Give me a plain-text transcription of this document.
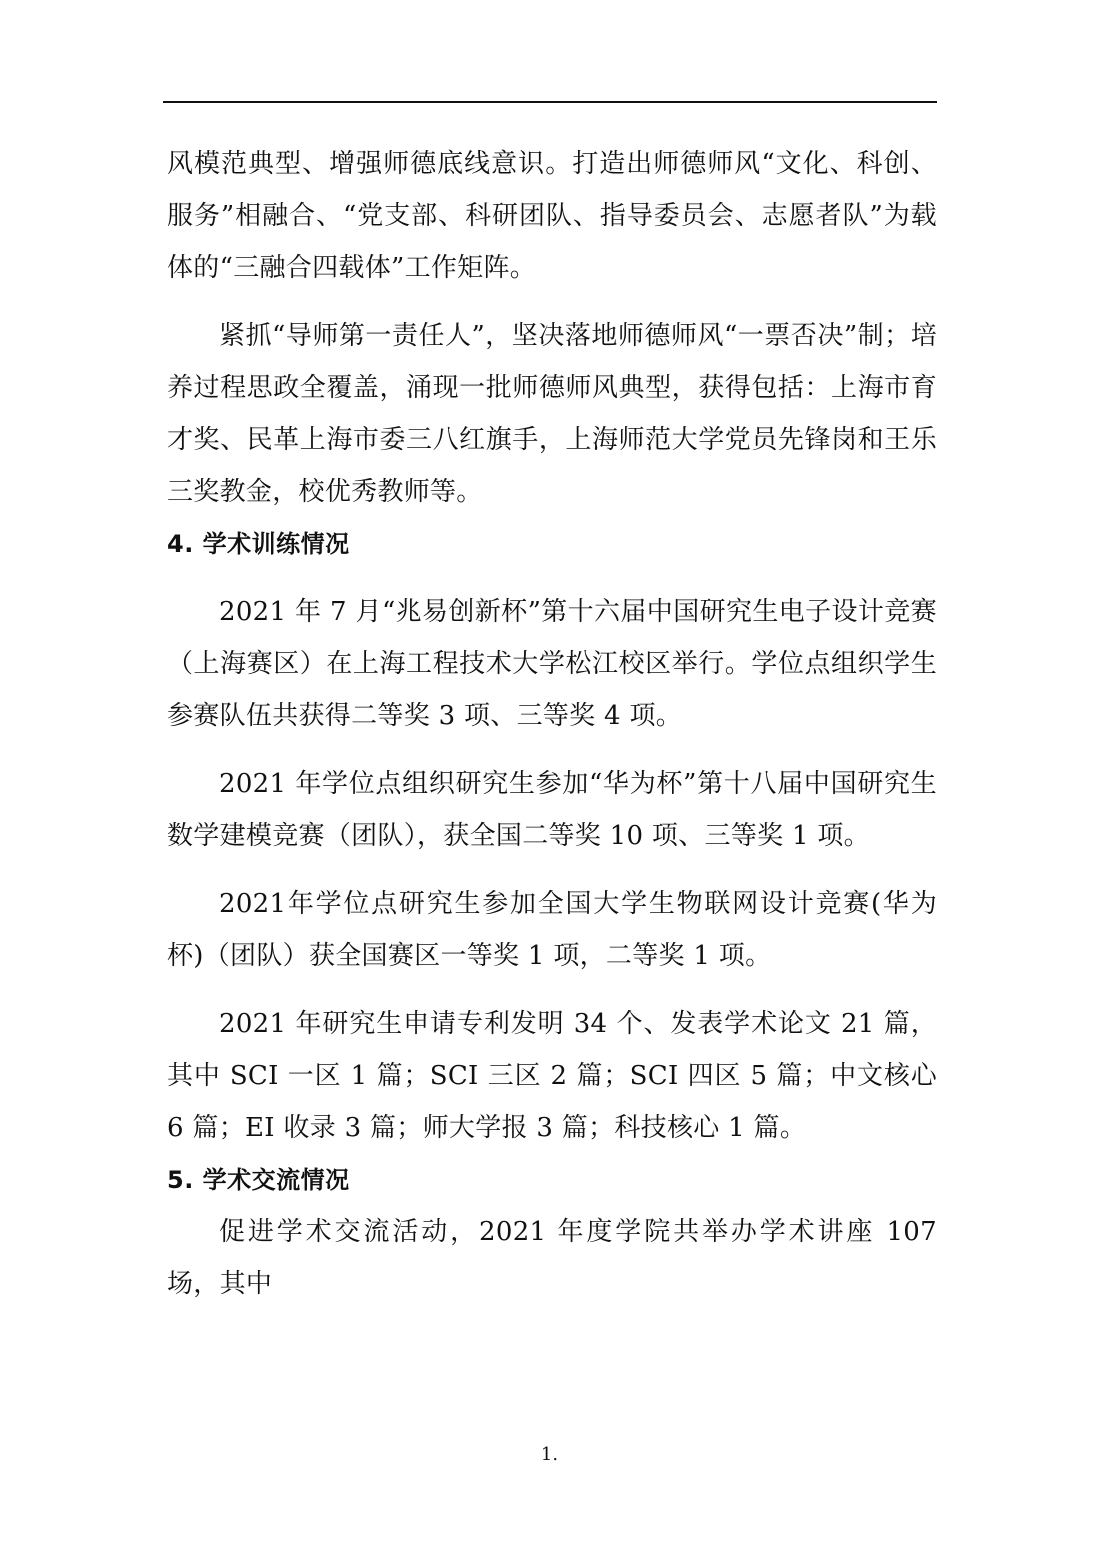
风模范典型、增强师德底线意识。打造出师德师风“文化、科创、服务”相融合、“党支部、科研团队、指导委员会、志愿者队”为载体的“三融合四载体”工作矩阵。

紧抓“导师第一责任人”，坚决落地师德师风“一票否决”制；培养过程思政全覆盖，涌现一批师德师风典型，获得包括：上海市育才奖、民革上海市委三八红旗手，上海师范大学党员先锋岗和王乐三奖教金，校优秀教师等。

4. 学术训练情况

2021 年 7 月“兆易创新杯”第十六届中国研究生电子设计竞赛（上海赛区）在上海工程技术大学松江校区举行。学位点组织学生参赛队伍共获得二等奖 3 项、三等奖 4 项。

2021 年学位点组织研究生参加“华为杯”第十八届中国研究生数学建模竞赛（团队），获全国二等奖 10 项、三等奖 1 项。

2021年学位点研究生参加全国大学生物联网设计竞赛(华为杯)（团队）获全国赛区一等奖 1 项，二等奖 1 项。

2021 年研究生申请专利发明 34 个、发表学术论文 21 篇，其中 SCI 一区 1 篇；SCI 三区 2 篇；SCI 四区 5 篇；中文核心 6 篇；EI 收录 3 篇；师大学报 3 篇；科技核心 1 篇。

5. 学术交流情况

促进学术交流活动，2021 年度学院共举办学术讲座 107 场，其中

1.
